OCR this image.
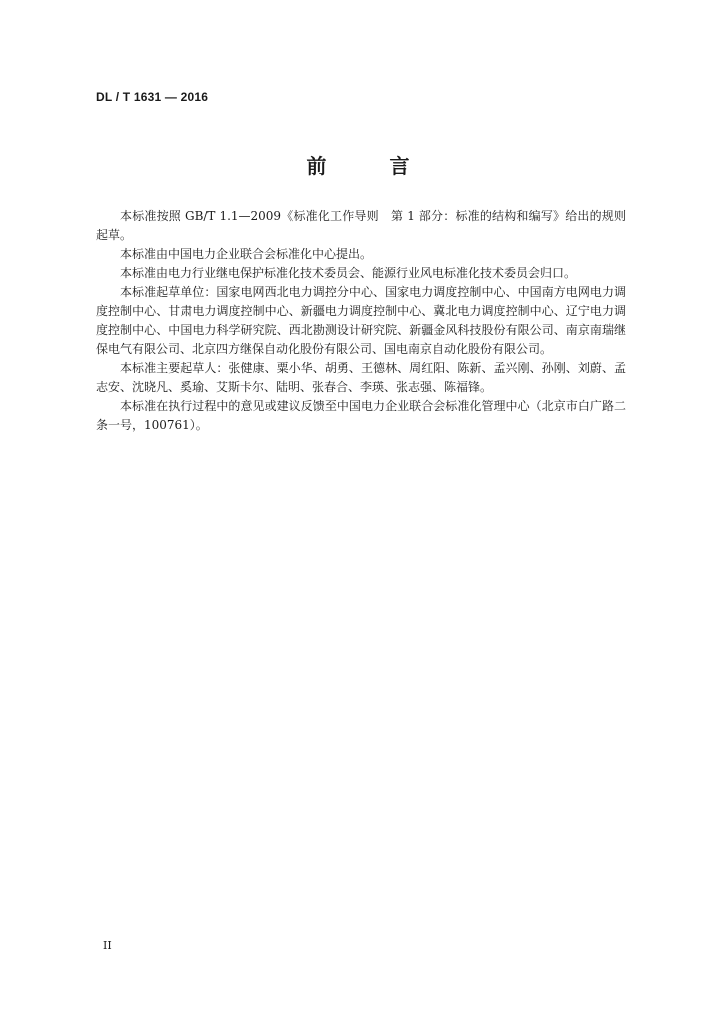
DL / T 1631 — 2016
前 言

本标准按照 GB/T 1.1—2009《标准化工作导则　第 1 部分：标准的结构和编写》给出的规则起草。

本标准由中国电力企业联合会标准化中心提出。

本标准由电力行业继电保护标准化技术委员会、能源行业风电标准化技术委员会归口。

本标准起草单位：国家电网西北电力调控分中心、国家电力调度控制中心、中国南方电网电力调度控制中心、甘肃电力调度控制中心、新疆电力调度控制中心、冀北电力调度控制中心、辽宁电力调度控制中心、中国电力科学研究院、西北勘测设计研究院、新疆金风科技股份有限公司、南京南瑞继保电气有限公司、北京四方继保自动化股份有限公司、国电南京自动化股份有限公司。

本标准主要起草人：张健康、粟小华、胡勇、王德林、周红阳、陈新、孟兴刚、孙刚、刘蔚、孟志安、沈晓凡、奚瑜、艾斯卡尔、陆明、张春合、李瑛、张志强、陈福锋。

本标准在执行过程中的意见或建议反馈至中国电力企业联合会标准化管理中心（北京市白广路二条一号，100761）。

II
